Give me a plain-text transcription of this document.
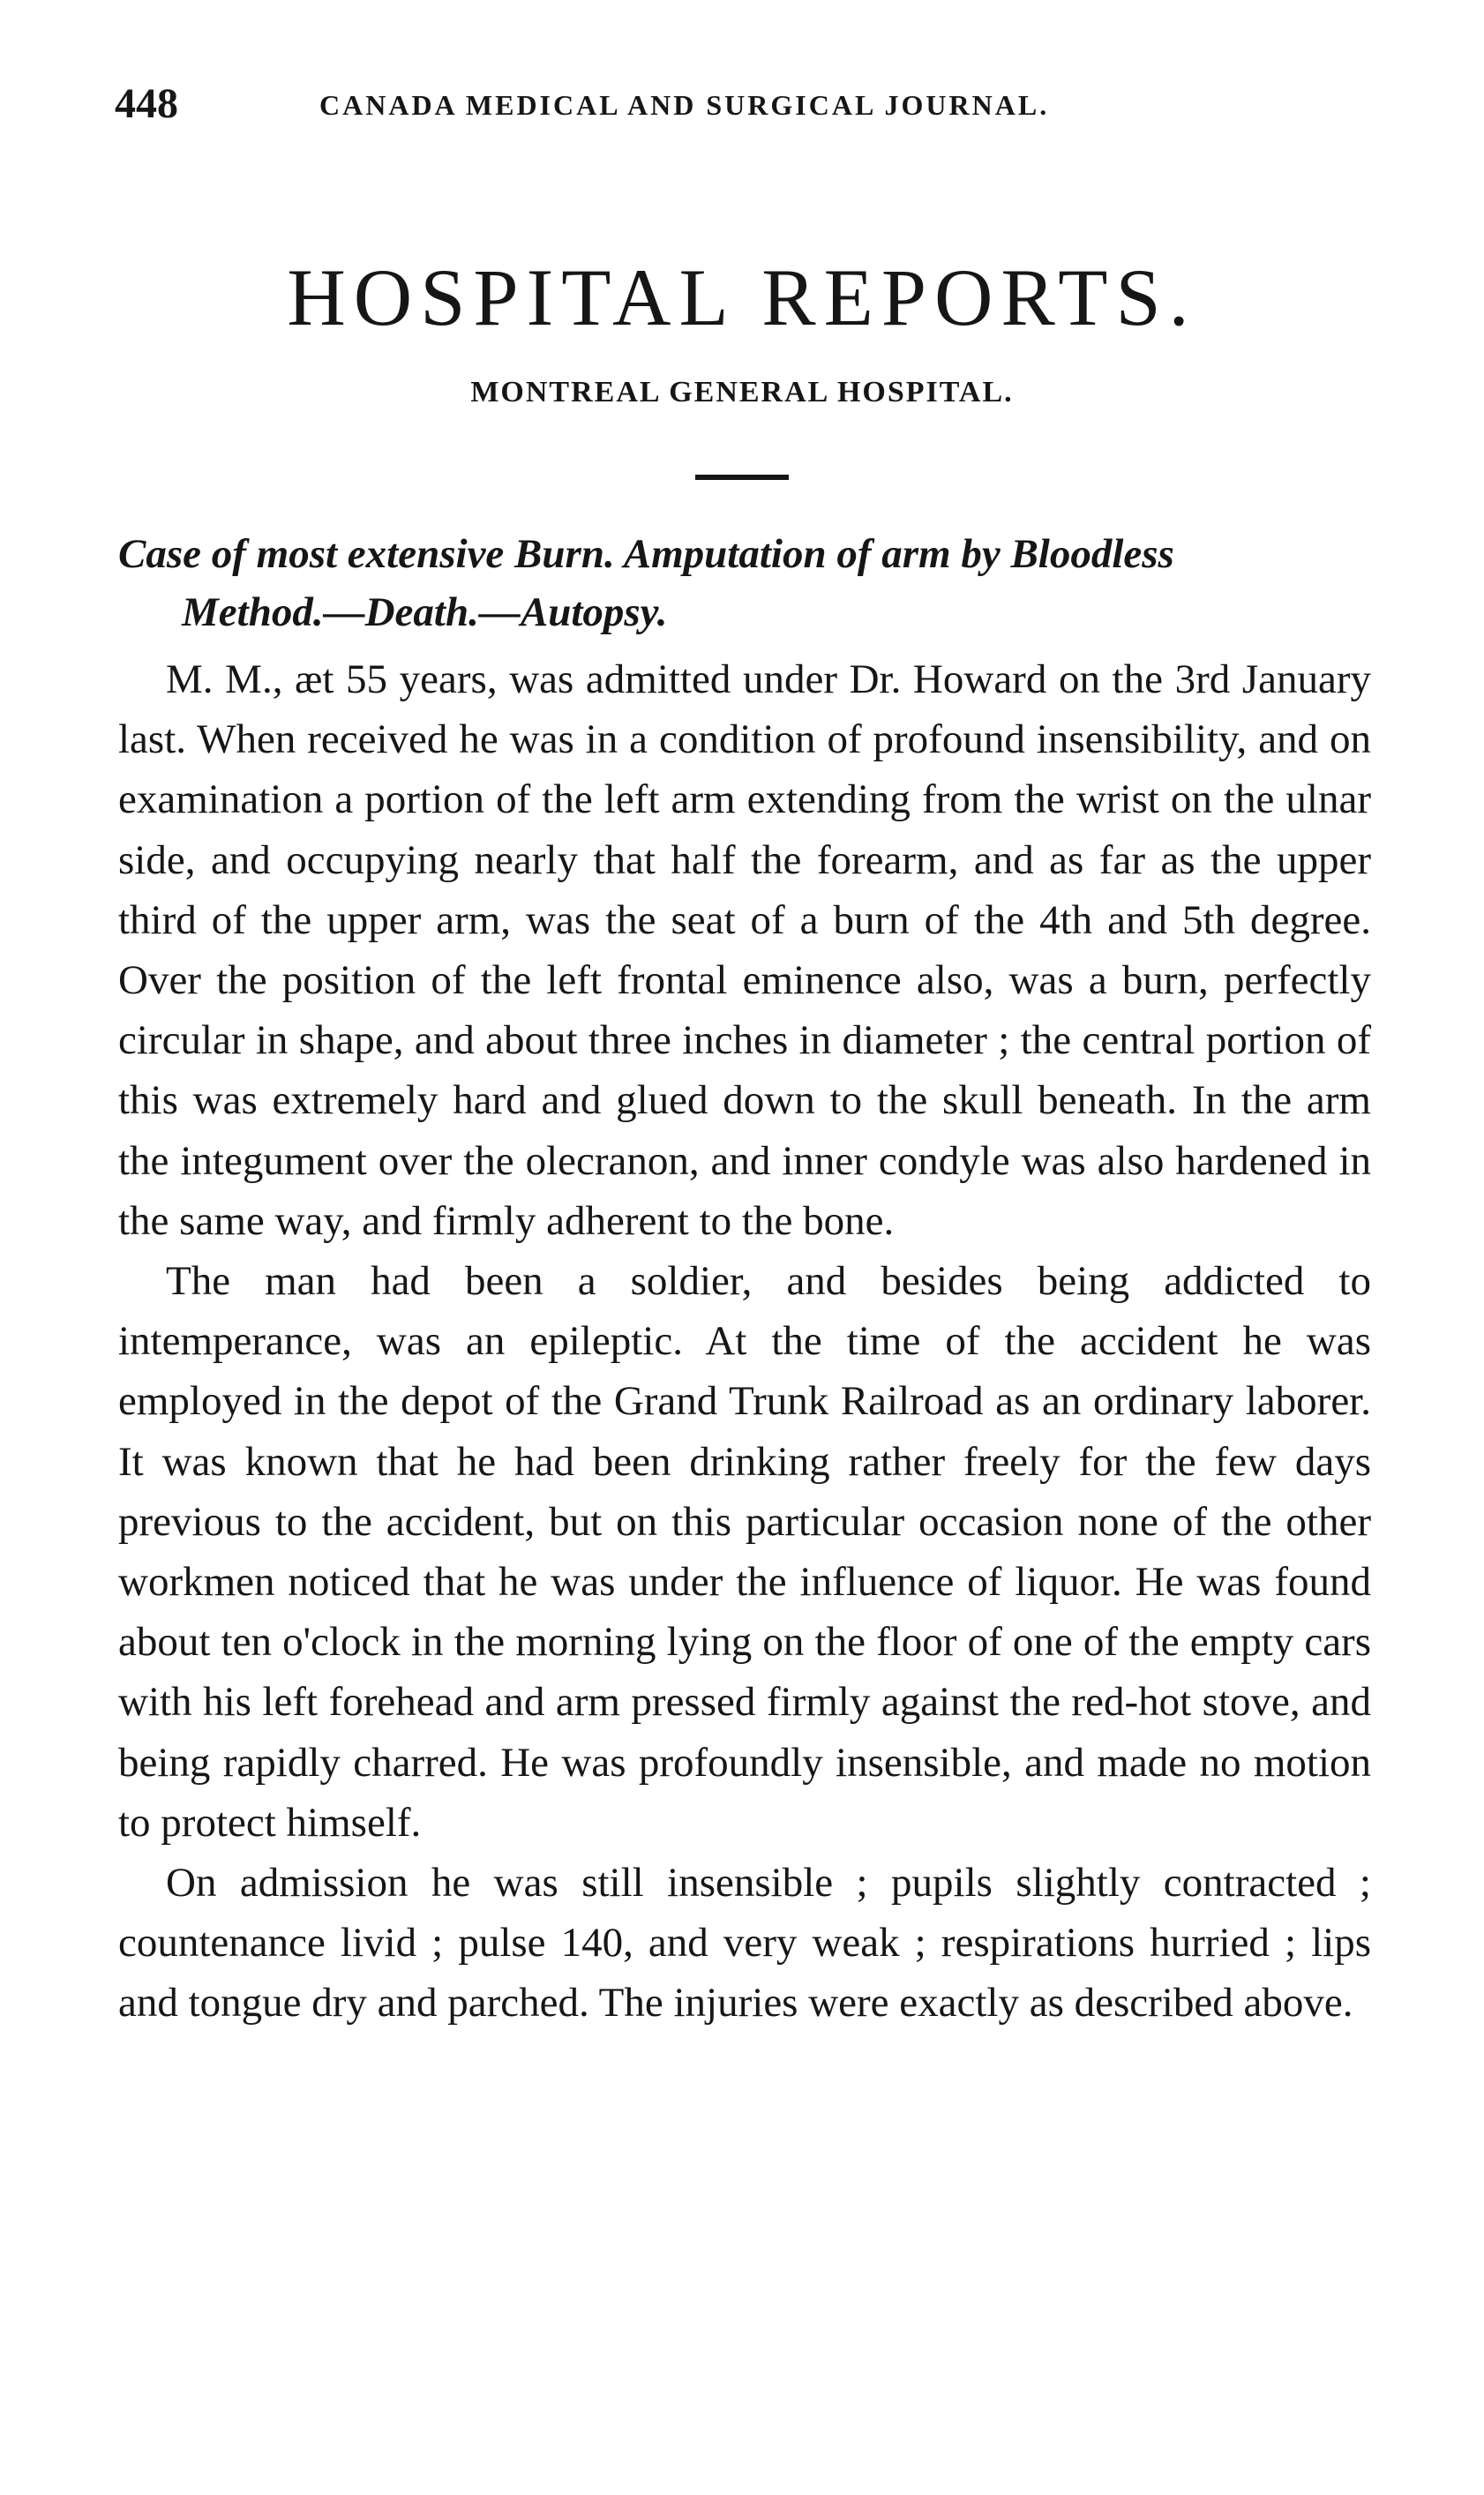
448	CANADA MEDICAL AND SURGICAL JOURNAL.
HOSPITAL REPORTS.
MONTREAL GENERAL HOSPITAL.
Case of most extensive Burn. Amputation of arm by Bloodless
Method.—Death.—Autopsy.

M. M., æt 55 years, was admitted under Dr. Howard on the 3rd January last. When received he was in a condition of profound insensibility, and on examination a portion of the left arm extending from the wrist on the ulnar side, and occupying nearly that half the forearm, and as far as the upper third of the upper arm, was the seat of a burn of the 4th and 5th degree. Over the position of the left frontal eminence also, was a burn, perfectly circular in shape, and about three inches in diameter ; the central portion of this was extremely hard and glued down to the skull beneath. In the arm the integument over the olecranon, and inner condyle was also hardened in the same way, and firmly adherent to the bone.

The man had been a soldier, and besides being addicted to intemperance, was an epileptic. At the time of the accident he was employed in the depot of the Grand Trunk Railroad as an ordinary laborer. It was known that he had been drinking rather freely for the few days previous to the accident, but on this particular occasion none of the other workmen noticed that he was under the influence of liquor. He was found about ten o'clock in the morning lying on the floor of one of the empty cars with his left forehead and arm pressed firmly against the red-hot stove, and being rapidly charred. He was profoundly insensible, and made no motion to protect himself.

On admission he was still insensible ; pupils slightly contracted ; countenance livid ; pulse 140, and very weak ; respirations hurried ; lips and tongue dry and parched. The injuries were exactly as described above.
